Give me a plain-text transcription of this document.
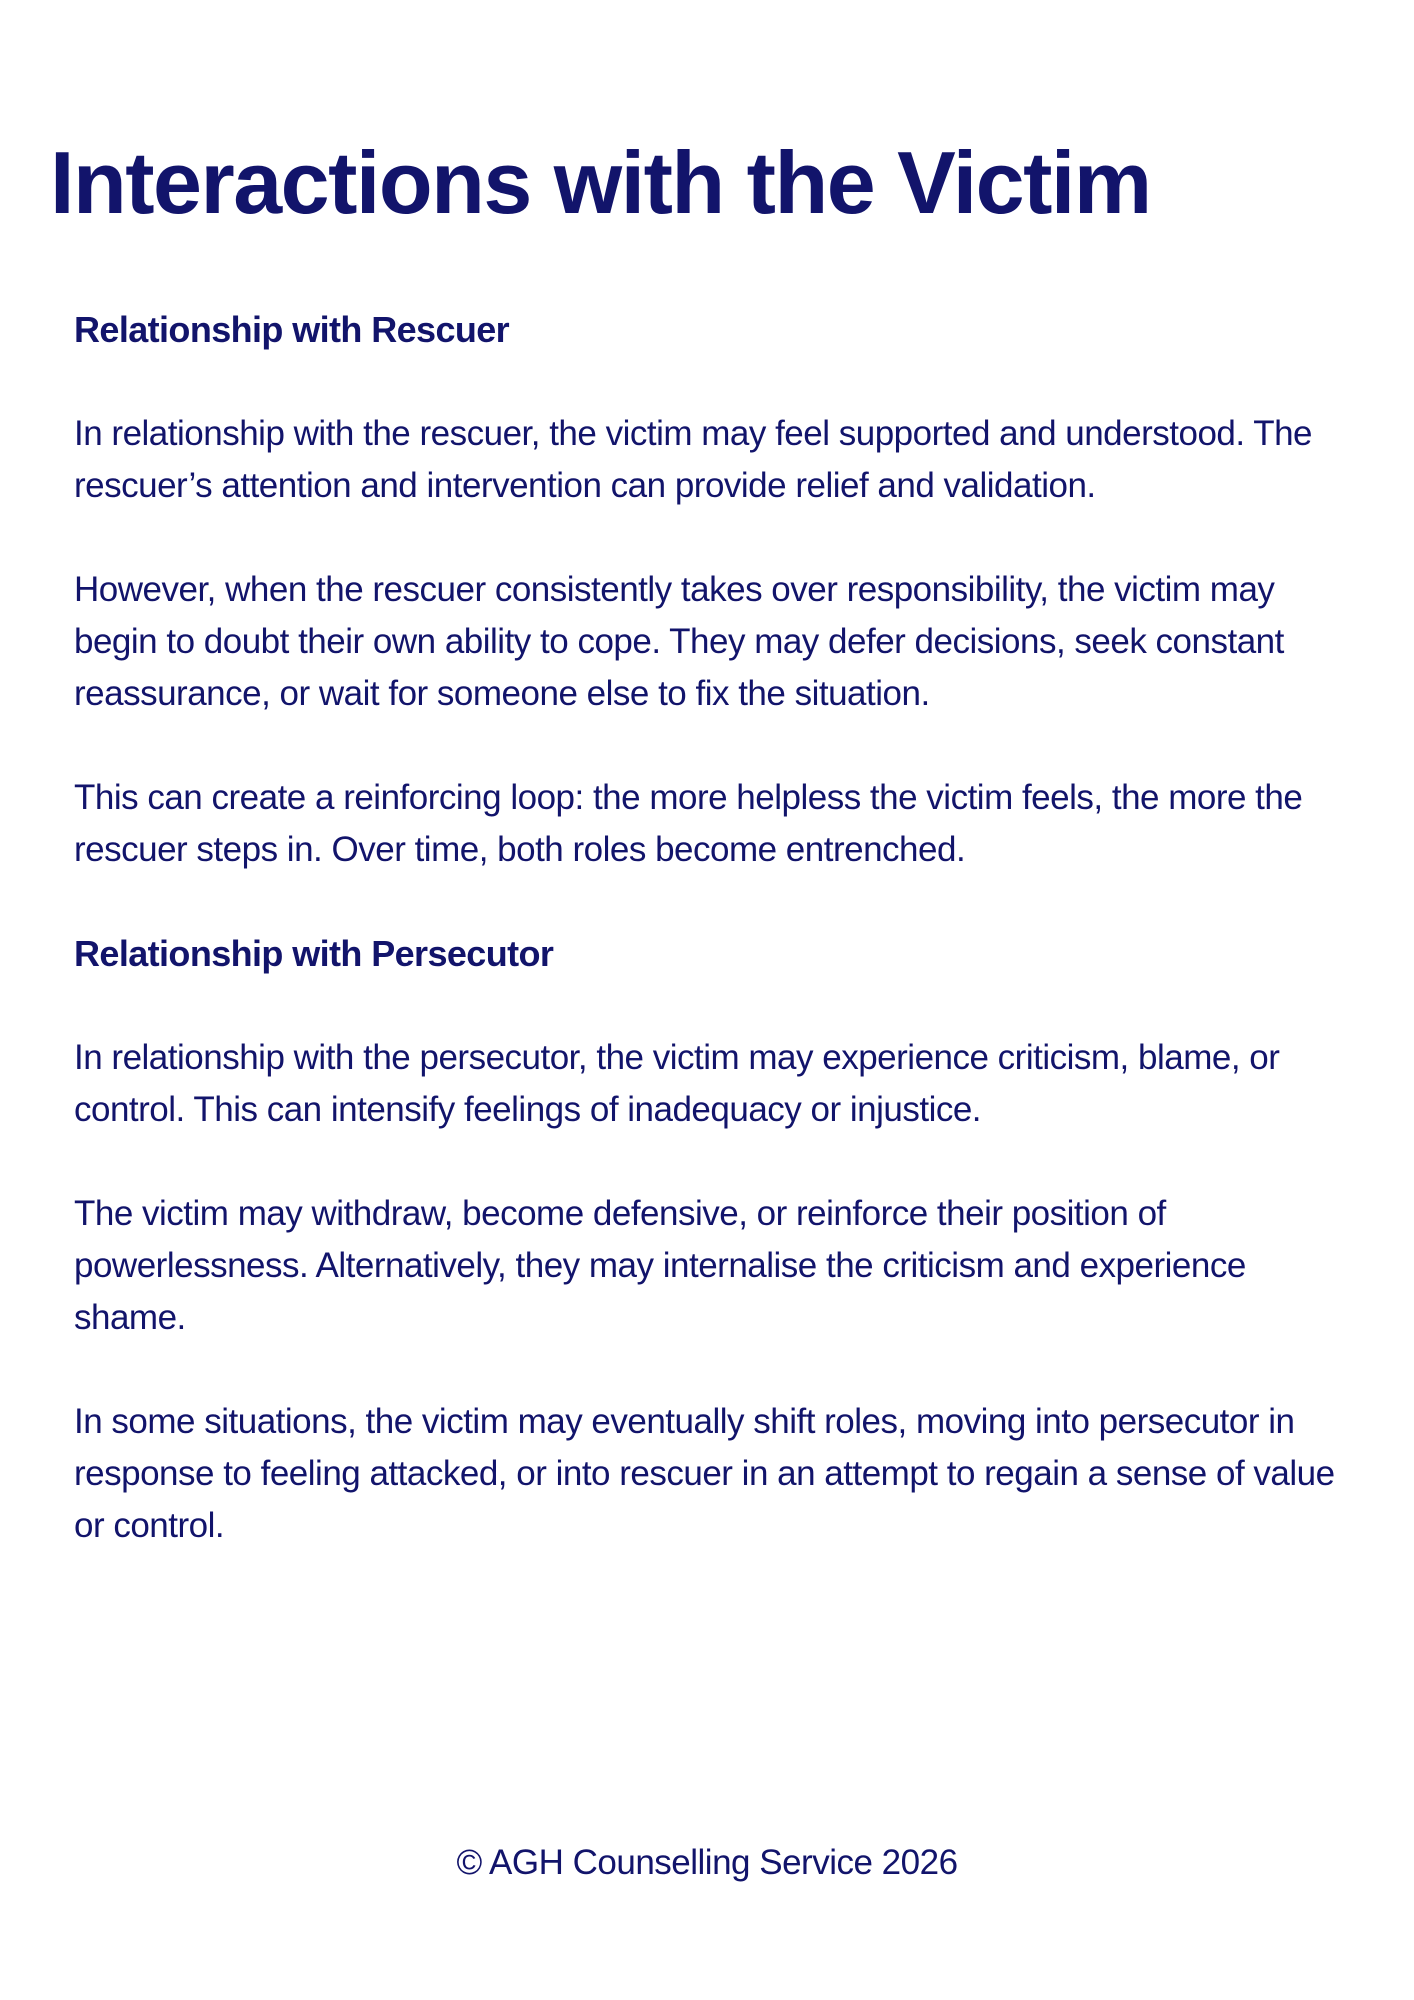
Interactions with the Victim
Relationship with Rescuer

In relationship with the rescuer, the victim may feel supported and understood. The rescuer’s attention and intervention can provide relief and validation.

However, when the rescuer consistently takes over responsibility, the victim may begin to doubt their own ability to cope. They may defer decisions, seek constant reassurance, or wait for someone else to fix the situation.

This can create a reinforcing loop: the more helpless the victim feels, the more the rescuer steps in. Over time, both roles become entrenched.

Relationship with Persecutor

In relationship with the persecutor, the victim may experience criticism, blame, or control. This can intensify feelings of inadequacy or injustice.

The victim may withdraw, become defensive, or reinforce their position of powerlessness. Alternatively, they may internalise the criticism and experience shame.

In some situations, the victim may eventually shift roles, moving into persecutor in response to feeling attacked, or into rescuer in an attempt to regain a sense of value or control.

© AGH Counselling Service 2026
